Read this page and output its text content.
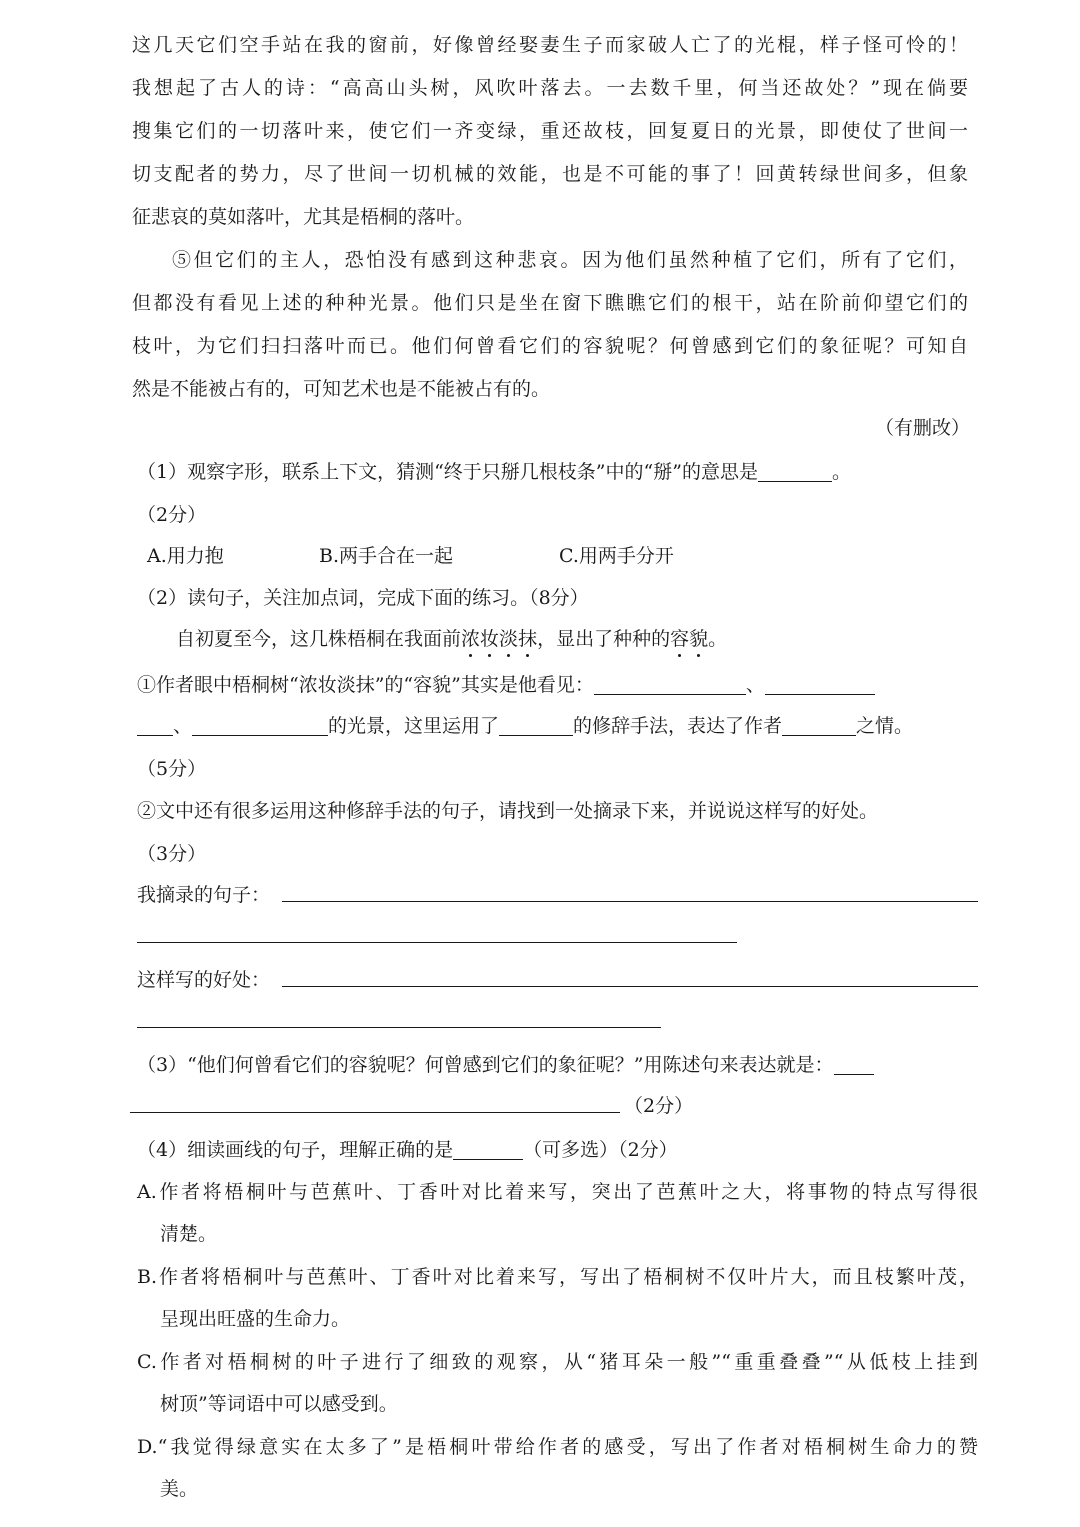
这几天它们空手站在我的窗前，好像曾经娶妻生子而家破人亡了的光棍，样子怪可怜的！
我想起了古人的诗：“高高山头树，风吹叶落去。一去数千里，何当还故处？”现在倘要
搜集它们的一切落叶来，使它们一齐变绿，重还故枝，回复夏日的光景，即使仗了世间一
切支配者的势力，尽了世间一切机械的效能，也是不可能的事了！回黄转绿世间多，但象
征悲哀的莫如落叶，尤其是梧桐的落叶。
⑤但它们的主人，恐怕没有感到这种悲哀。因为他们虽然种植了它们，所有了它们，
但都没有看见上述的种种光景。他们只是坐在窗下瞧瞧它们的根干，站在阶前仰望它们的
枝叶，为它们扫扫落叶而已。他们何曾看它们的容貌呢？何曾感到它们的象征呢？可知自
然是不能被占有的，可知艺术也是不能被占有的。
（有删改）
（1）观察字形，联系上下文，猜测“终于只掰几根枝条”中的“掰”的意思是	。
（2分）
A.用力抱	B.两手合在一起	C.用两手分开
（2）读句子，关注加点词，完成下面的练习。（8分）
自初夏至今，这几株梧桐在我面前浓妆淡抹，显出了种种的容貌。
①作者眼中梧桐树“浓妆淡抹”的“容貌”其实是他看见：	、
、	的光景，这里运用了	的修辞手法，表达了作者	之情。
（5分）
②文中还有很多运用这种修辞手法的句子，请找到一处摘录下来，并说说这样写的好处。
（3分）
我摘录的句子：
这样写的好处：
（3）“他们何曾看它们的容貌呢？何曾感到它们的象征呢？”用陈述句来表达就是：
（2分）
（4）细读画线的句子，理解正确的是	（可多选）（2分）
A.作者将梧桐叶与芭蕉叶、丁香叶对比着来写，突出了芭蕉叶之大，将事物的特点写得很
清楚。
B.作者将梧桐叶与芭蕉叶、丁香叶对比着来写，写出了梧桐树不仅叶片大，而且枝繁叶茂，
呈现出旺盛的生命力。
C.作者对梧桐树的叶子进行了细致的观察，从“猪耳朵一般”“重重叠叠”“从低枝上挂到
树顶”等词语中可以感受到。
D.“我觉得绿意实在太多了”是梧桐叶带给作者的感受，写出了作者对梧桐树生命力的赞
美。
